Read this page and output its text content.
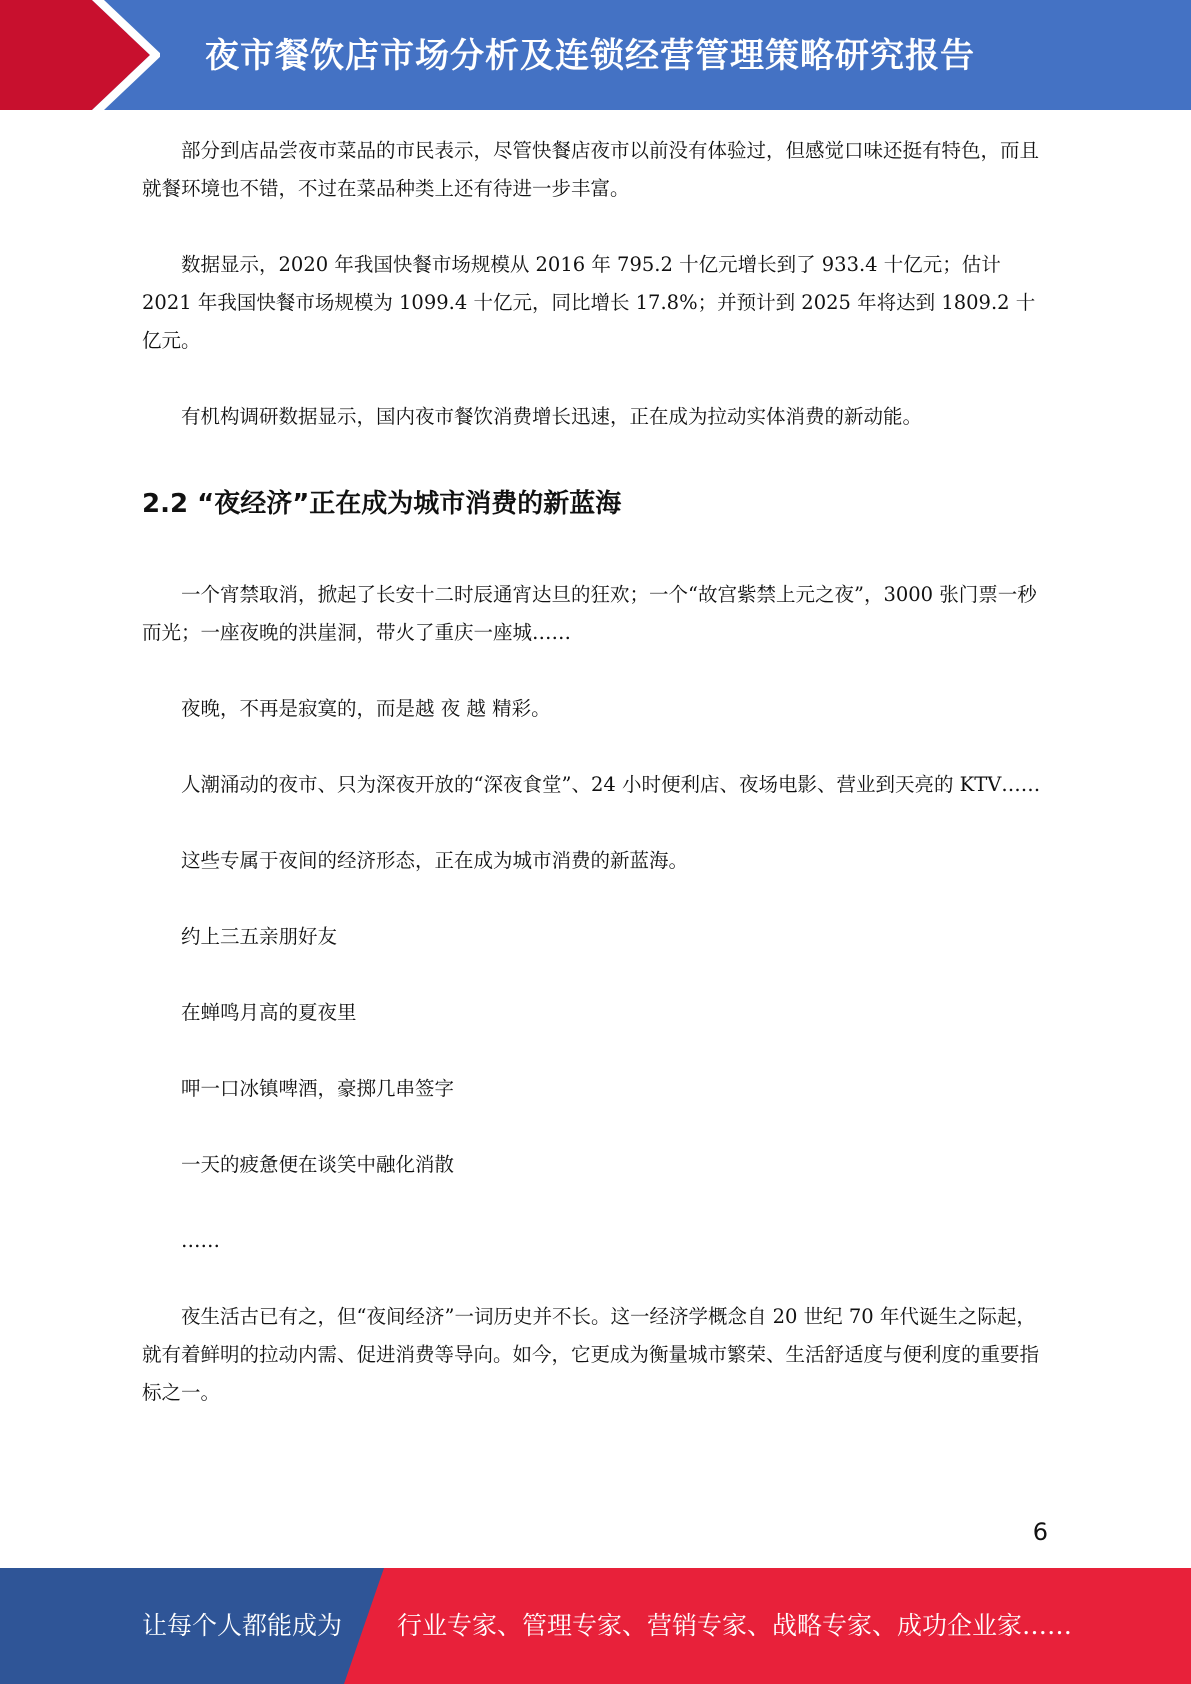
夜市餐饮店市场分析及连锁经营管理策略研究报告

部分到店品尝夜市菜品的市民表示，尽管快餐店夜市以前没有体验过，但感觉口味还挺有特色，而且就餐环境也不错，不过在菜品种类上还有待进一步丰富。

数据显示，2020 年我国快餐市场规模从 2016 年 795.2 十亿元增长到了 933.4 十亿元；估计 2021 年我国快餐市场规模为 1099.4 十亿元，同比增长 17.8%；并预计到 2025 年将达到 1809.2 十亿元。

有机构调研数据显示，国内夜市餐饮消费增长迅速，正在成为拉动实体消费的新动能。

2.2 “夜经济”正在成为城市消费的新蓝海

一个宵禁取消，掀起了长安十二时辰通宵达旦的狂欢；一个“故宫紫禁上元之夜”，3000 张门票一秒而光；一座夜晚的洪崖洞，带火了重庆一座城……

夜晚，不再是寂寞的，而是越 夜 越 精彩。

人潮涌动的夜市、只为深夜开放的“深夜食堂”、24 小时便利店、夜场电影、营业到天亮的 KTV……

这些专属于夜间的经济形态，正在成为城市消费的新蓝海。

约上三五亲朋好友

在蝉鸣月高的夏夜里

呷一口冰镇啤酒，豪掷几串签字

一天的疲惫便在谈笑中融化消散

……

夜生活古已有之，但“夜间经济”一词历史并不长。这一经济学概念自 20 世纪 70 年代诞生之际起，就有着鲜明的拉动内需、促进消费等导向。如今，它更成为衡量城市繁荣、生活舒适度与便利度的重要指标之一。

6
让每个人都能成为 行业专家、管理专家、营销专家、战略专家、成功企业家……
